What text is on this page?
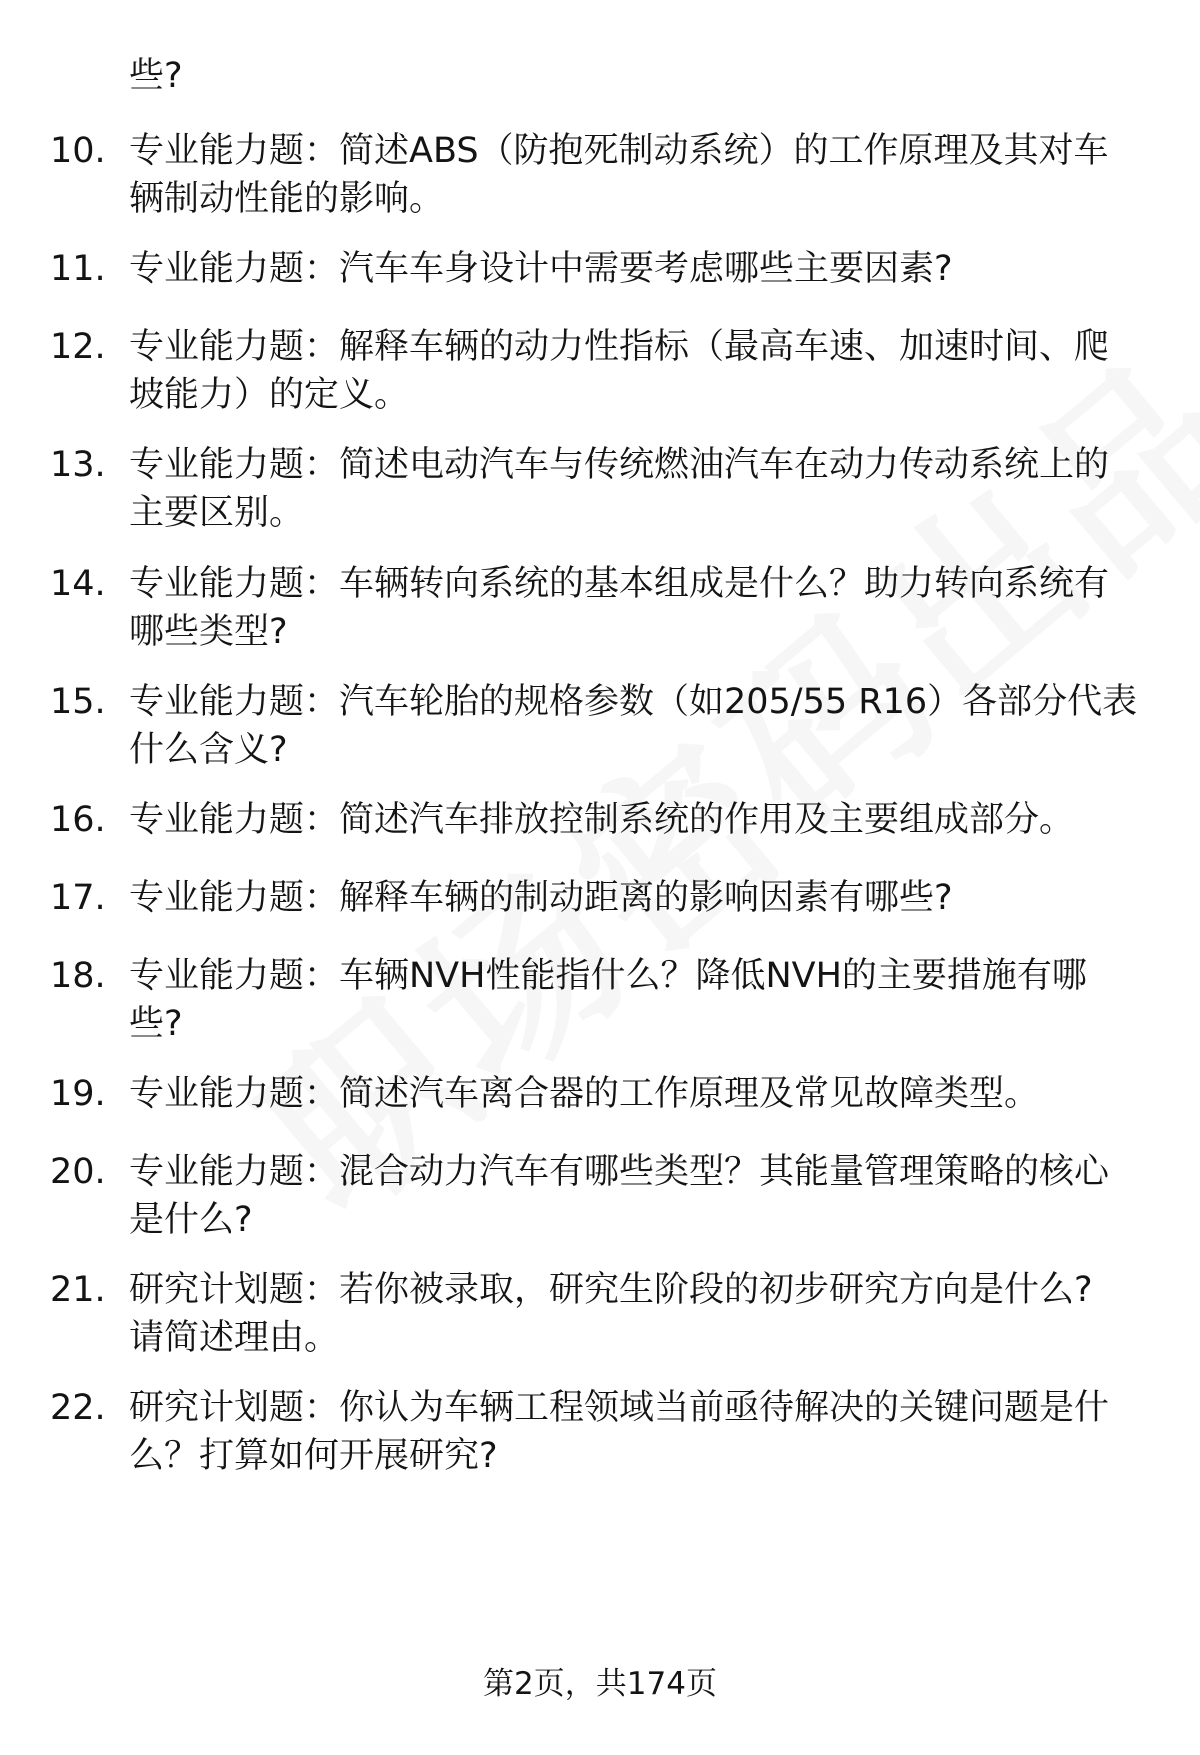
些?

10. 专业能力题：简述ABS（防抱死制动系统）的工作原理及其对车
辆制动性能的影响。
11. 专业能力题：汽车车身设计中需要考虑哪些主要因素?
12. 专业能力题：解释车辆的动力性指标（最高车速、加速时间、爬
坡能力）的定义。
13. 专业能力题：简述电动汽车与传统燃油汽车在动力传动系统上的
主要区别。
14. 专业能力题：车辆转向系统的基本组成是什么？助力转向系统有
哪些类型?
15. 专业能力题：汽车轮胎的规格参数（如205/55 R16）各部分代表
什么含义?
16. 专业能力题：简述汽车排放控制系统的作用及主要组成部分。
17. 专业能力题：解释车辆的制动距离的影响因素有哪些?
18. 专业能力题：车辆NVH性能指什么？降低NVH的主要措施有哪
些?
19. 专业能力题：简述汽车离合器的工作原理及常见故障类型。
20. 专业能力题：混合动力汽车有哪些类型？其能量管理策略的核心
是什么?
21. 研究计划题：若你被录取，研究生阶段的初步研究方向是什么?
请简述理由。
22. 研究计划题：你认为车辆工程领域当前亟待解决的关键问题是什
么？打算如何开展研究?
第2页，共174页
